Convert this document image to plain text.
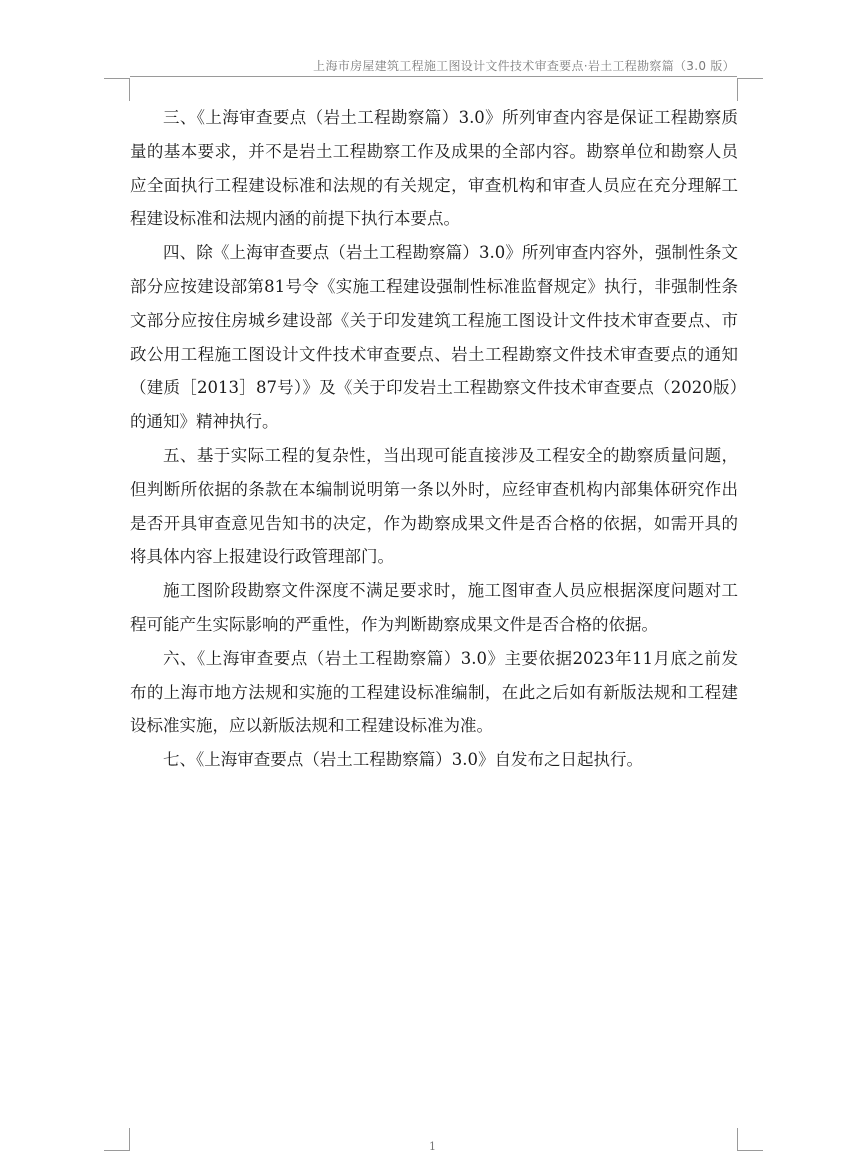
上海市房屋建筑工程施工图设计文件技术审查要点·岩土工程勘察篇（3.0 版）

三、《上海审查要点（岩土工程勘察篇）3.0》所列审查内容是保证工程勘察质量的基本要求，并不是岩土工程勘察工作及成果的全部内容。勘察单位和勘察人员应全面执行工程建设标准和法规的有关规定，审查机构和审查人员应在充分理解工程建设标准和法规内涵的前提下执行本要点。

四、除《上海审查要点（岩土工程勘察篇）3.0》所列审查内容外，强制性条文部分应按建设部第81号令《实施工程建设强制性标准监督规定》执行，非强制性条文部分应按住房城乡建设部《关于印发建筑工程施工图设计文件技术审查要点、市政公用工程施工图设计文件技术审查要点、岩土工程勘察文件技术审查要点的通知（建质［2013］87号）》及《关于印发岩土工程勘察文件技术审查要点（2020版）的通知》精神执行。

五、基于实际工程的复杂性，当出现可能直接涉及工程安全的勘察质量问题，但判断所依据的条款在本编制说明第一条以外时，应经审查机构内部集体研究作出是否开具审查意见告知书的决定，作为勘察成果文件是否合格的依据，如需开具的将具体内容上报建设行政管理部门。

施工图阶段勘察文件深度不满足要求时，施工图审查人员应根据深度问题对工程可能产生实际影响的严重性，作为判断勘察成果文件是否合格的依据。

六、《上海审查要点（岩土工程勘察篇）3.0》主要依据2023年11月底之前发布的上海市地方法规和实施的工程建设标准编制，在此之后如有新版法规和工程建设标准实施，应以新版法规和工程建设标准为准。

七、《上海审查要点（岩土工程勘察篇）3.0》自发布之日起执行。

1
